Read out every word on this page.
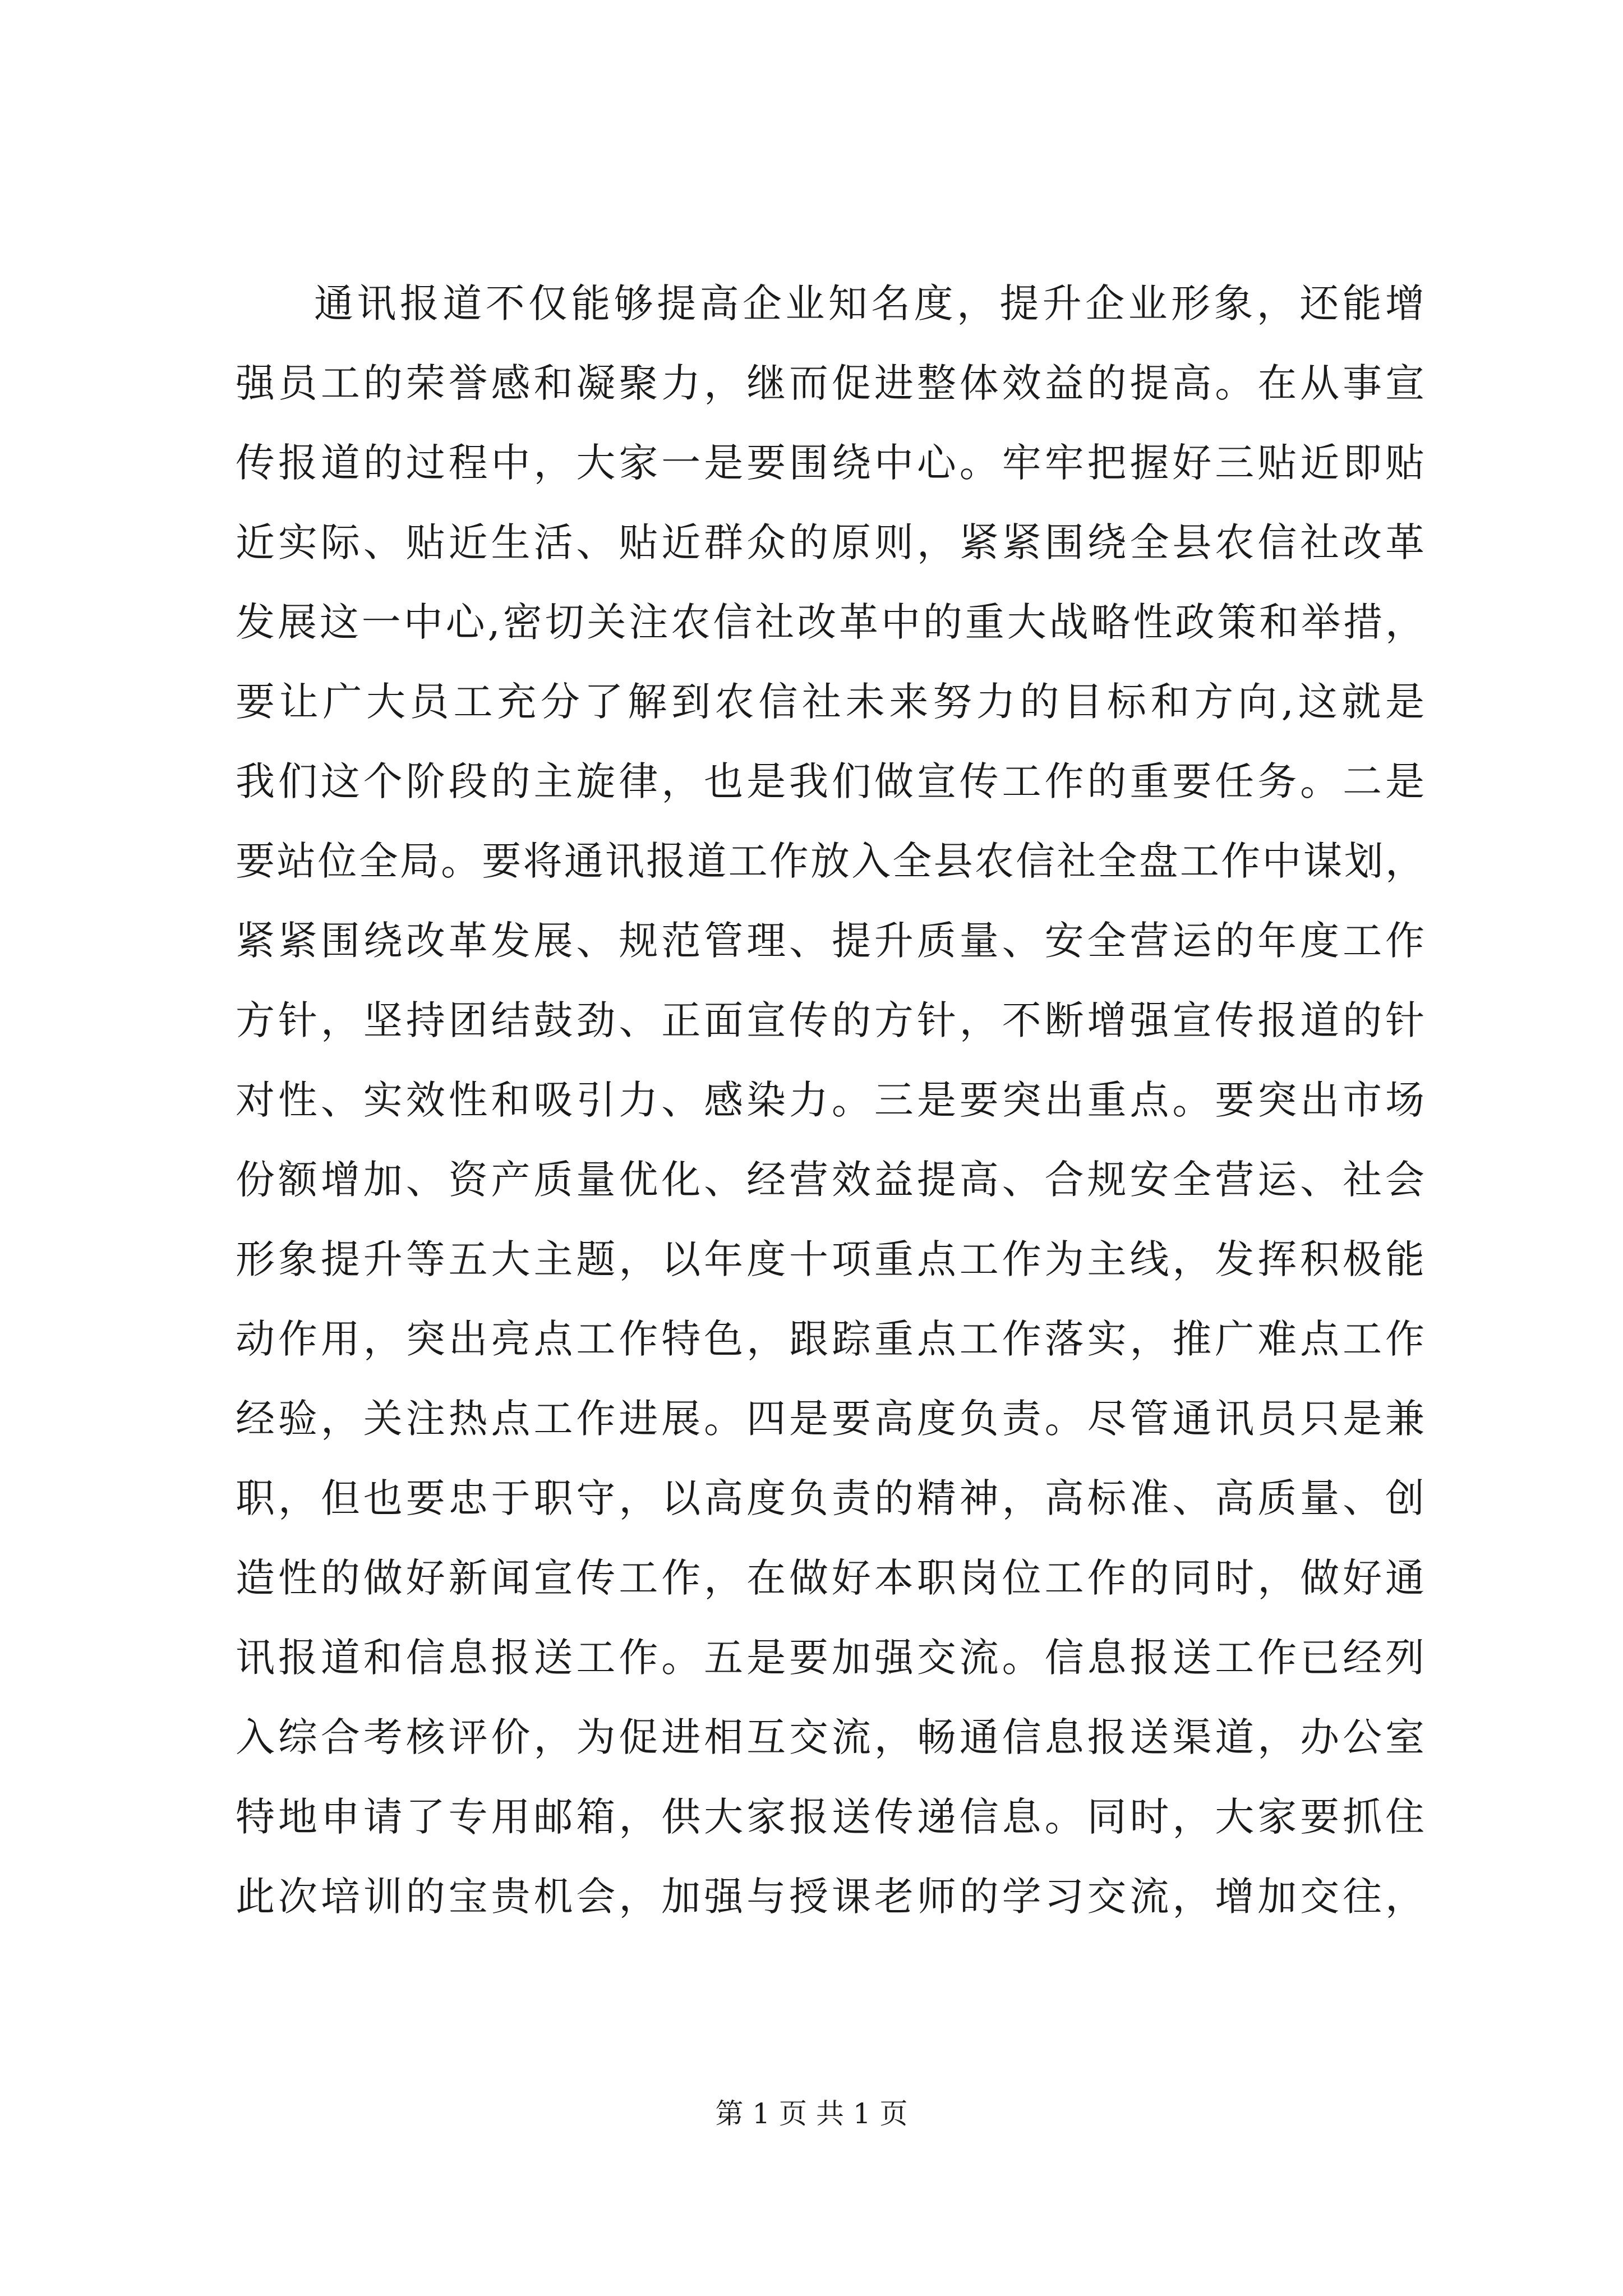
通讯报道不仅能够提高企业知名度，提升企业形象，还能增
强员工的荣誉感和凝聚力，继而促进整体效益的提高。在从事宣
传报道的过程中，大家一是要围绕中心。牢牢把握好三贴近即贴
近实际、贴近生活、贴近群众的原则，紧紧围绕全县农信社改革
发展这一中心,密切关注农信社改革中的重大战略性政策和举措，
要让广大员工充分了解到农信社未来努力的目标和方向,这就是
我们这个阶段的主旋律，也是我们做宣传工作的重要任务。二是
要站位全局。要将通讯报道工作放入全县农信社全盘工作中谋划，
紧紧围绕改革发展、规范管理、提升质量、安全营运的年度工作
方针，坚持团结鼓劲、正面宣传的方针，不断增强宣传报道的针
对性、实效性和吸引力、感染力。三是要突出重点。要突出市场
份额增加、资产质量优化、经营效益提高、合规安全营运、社会
形象提升等五大主题，以年度十项重点工作为主线，发挥积极能
动作用，突出亮点工作特色，跟踪重点工作落实，推广难点工作
经验，关注热点工作进展。四是要高度负责。尽管通讯员只是兼
职，但也要忠于职守，以高度负责的精神，高标准、高质量、创
造性的做好新闻宣传工作，在做好本职岗位工作的同时，做好通
讯报道和信息报送工作。五是要加强交流。信息报送工作已经列
入综合考核评价，为促进相互交流，畅通信息报送渠道，办公室
特地申请了专用邮箱，供大家报送传递信息。同时，大家要抓住
此次培训的宝贵机会，加强与授课老师的学习交流，增加交往，
第 1 页 共 1 页
